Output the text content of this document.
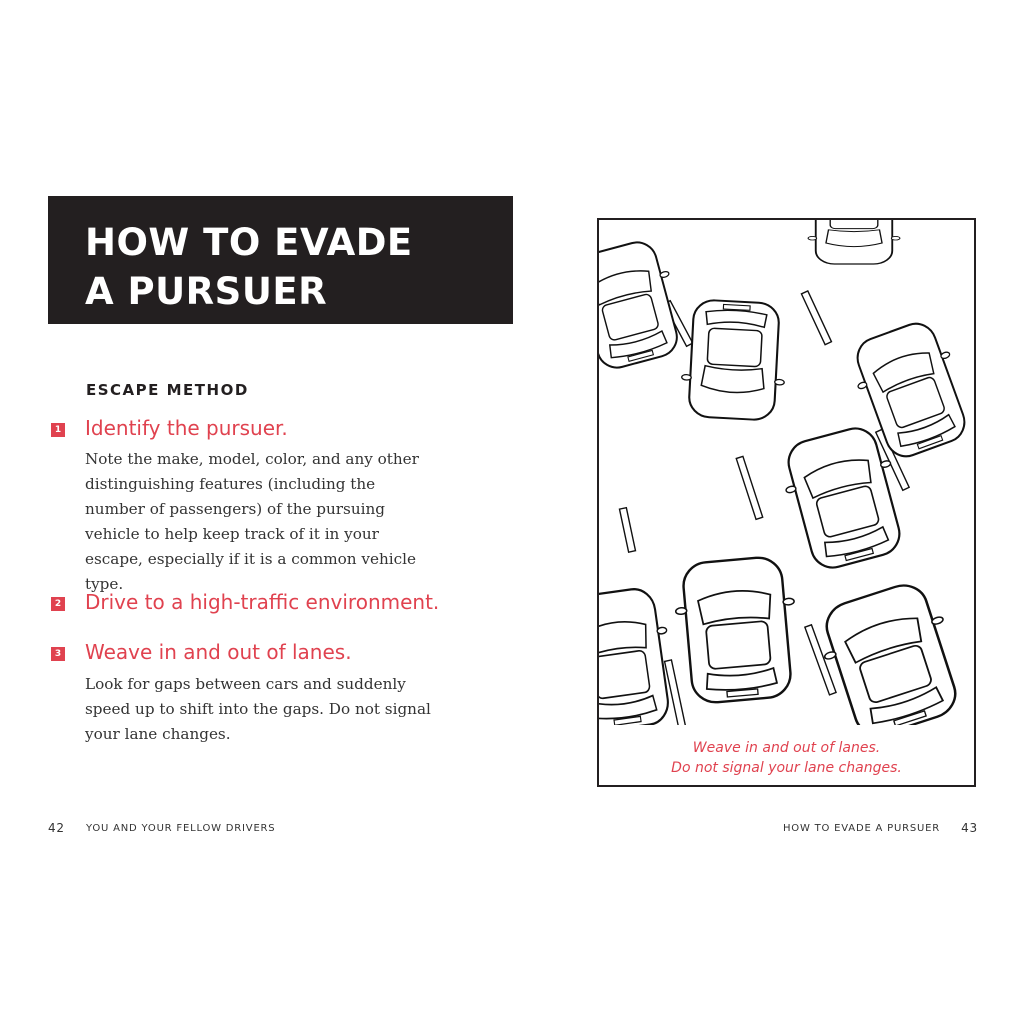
HOW TO EVADE
A PURSUER
ESCAPE METHOD
1 Identify the pursuer.
Note the make, model, color, and any other distinguishing features (including the number of passengers) of the pursuing vehicle to help keep track of it in your escape, especially if it is a common vehicle type.
2 Drive to a high-traffic environment.
3 Weave in and out of lanes.
Look for gaps between cars and suddenly speed up to shift into the gaps. Do not signal your lane changes.
42 YOU AND YOUR FELLOW DRIVERS	HOW TO EVADE A PURSUER 43
Weave in and out of lanes.
Do not signal your lane changes.
